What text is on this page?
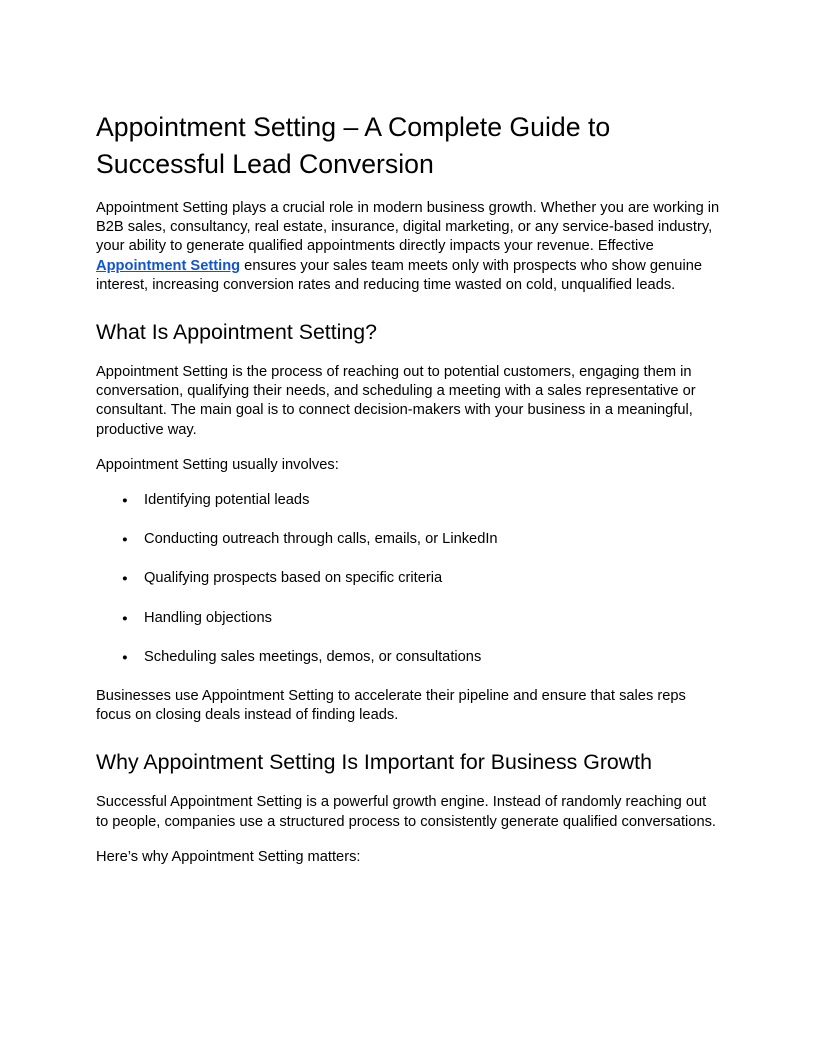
Appointment Setting – A Complete Guide to Successful Lead Conversion

Appointment Setting plays a crucial role in modern business growth. Whether you are working in B2B sales, consultancy, real estate, insurance, digital marketing, or any service-based industry, your ability to generate qualified appointments directly impacts your revenue. Effective Appointment Setting ensures your sales team meets only with prospects who show genuine interest, increasing conversion rates and reducing time wasted on cold, unqualified leads.

What Is Appointment Setting?

Appointment Setting is the process of reaching out to potential customers, engaging them in conversation, qualifying their needs, and scheduling a meeting with a sales representative or consultant. The main goal is to connect decision-makers with your business in a meaningful, productive way.

Appointment Setting usually involves:

● Identifying potential leads
● Conducting outreach through calls, emails, or LinkedIn
● Qualifying prospects based on specific criteria
● Handling objections
● Scheduling sales meetings, demos, or consultations

Businesses use Appointment Setting to accelerate their pipeline and ensure that sales reps focus on closing deals instead of finding leads.

Why Appointment Setting Is Important for Business Growth

Successful Appointment Setting is a powerful growth engine. Instead of randomly reaching out to people, companies use a structured process to consistently generate qualified conversations.

Here’s why Appointment Setting matters:
